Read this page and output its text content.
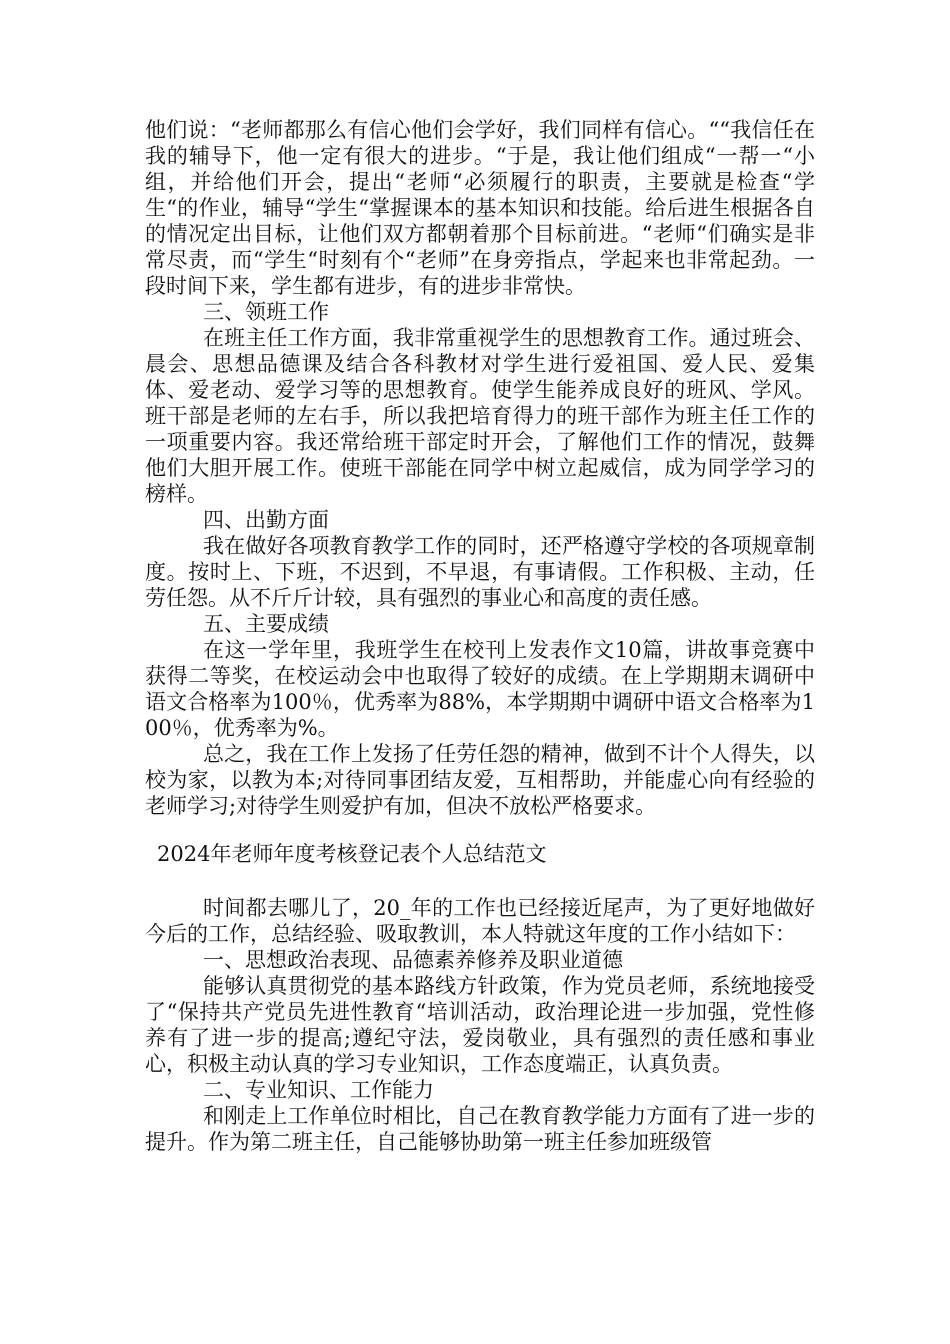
他们说：“老师都那么有信心他们会学好，我们同样有信心。““我信任在我的辅导下，他一定有很大的进步。“于是，我让他们组成“一帮一“小组，并给他们开会，提出“老师“必须履行的职责，主要就是检查“学生“的作业，辅导“学生“掌握课本的基本知识和技能。给后进生根据各自的情况定出目标，让他们双方都朝着那个目标前进。“老师“们确实是非常尽责，而“学生“时刻有个“老师”在身旁指点，学起来也非常起劲。一段时间下来，学生都有进步，有的进步非常快。

三、领班工作

在班主任工作方面，我非常重视学生的思想教育工作。通过班会、晨会、思想品德课及结合各科教材对学生进行爱祖国、爱人民、爱集体、爱老动、爱学习等的思想教育。使学生能养成良好的班风、学风。班干部是老师的左右手，所以我把培育得力的班干部作为班主任工作的一项重要内容。我还常给班干部定时开会，了解他们工作的情况，鼓舞他们大胆开展工作。使班干部能在同学中树立起威信，成为同学学习的榜样。

四、出勤方面

我在做好各项教育教学工作的同时，还严格遵守学校的各项规章制度。按时上、下班，不迟到，不早退，有事请假。工作积极、主动，任劳任怨。从不斤斤计较，具有强烈的事业心和高度的责任感。

五、主要成绩

在这一学年里，我班学生在校刊上发表作文10篇，讲故事竞赛中获得二等奖，在校运动会中也取得了较好的成绩。在上学期期末调研中语文合格率为100％，优秀率为88%，本学期期中调研中语文合格率为100％，优秀率为%。

总之，我在工作上发扬了任劳任怨的精神，做到不计个人得失，以校为家，以教为本;对待同事团结友爱，互相帮助，并能虚心向有经验的老师学习;对待学生则爱护有加，但决不放松严格要求。

2024年老师年度考核登记表个人总结范文

时间都去哪儿了，20_年的工作也已经接近尾声，为了更好地做好今后的工作，总结经验、吸取教训，本人特就这年度的工作小结如下：

一、思想政治表现、品德素养修养及职业道德

能够认真贯彻党的基本路线方针政策，作为党员老师，系统地接受了“保持共产党员先进性教育“培训活动，政治理论进一步加强，党性修养有了进一步的提高;遵纪守法，爱岗敬业，具有强烈的责任感和事业心，积极主动认真的学习专业知识，工作态度端正，认真负责。

二、专业知识、工作能力

和刚走上工作单位时相比，自己在教育教学能力方面有了进一步的提升。作为第二班主任，自己能够协助第一班主任参加班级管
